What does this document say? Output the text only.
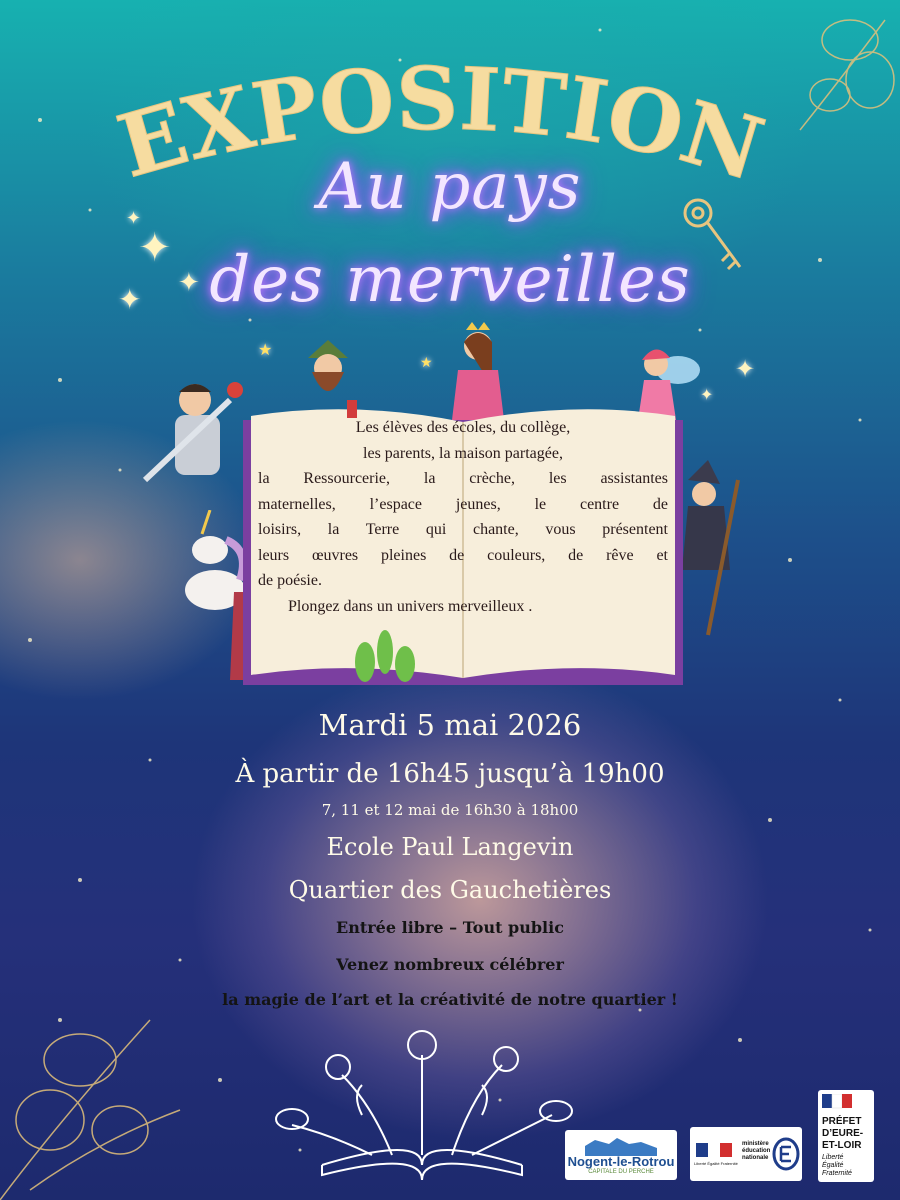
EXPOSITION
Au pays
des merveilles
✦
✦ ✦
✦
✦
✦
★
★
Les élèves des écoles, du collège,
les parents, la maison partagée,
la Ressourcerie, la crèche, les assistantes
maternelles, l’espace jeunes, le centre de
loisirs, la Terre qui chante, vous présentent
leurs œuvres pleines de couleurs, de rêve et
de poésie.
Plongez dans un univers merveilleux .
Mardi 5 mai 2026
À partir de 16h45 jusqu’à 19h00
7, 11 et 12 mai de 16h30 à 18h00
Ecole Paul Langevin
Quartier des Gauchetières
Entrée libre – Tout public
Venez nombreux célébrer
la magie de l’art et la créativité de notre quartier !
Nogent-le-Rotrou
CAPITALE DU PERCHE
Liberté Égalité Fraternité
ministère éducation nationale
PRÉFET
D’EURE-
ET-LOIR
Liberté
Égalité
Fraternité
